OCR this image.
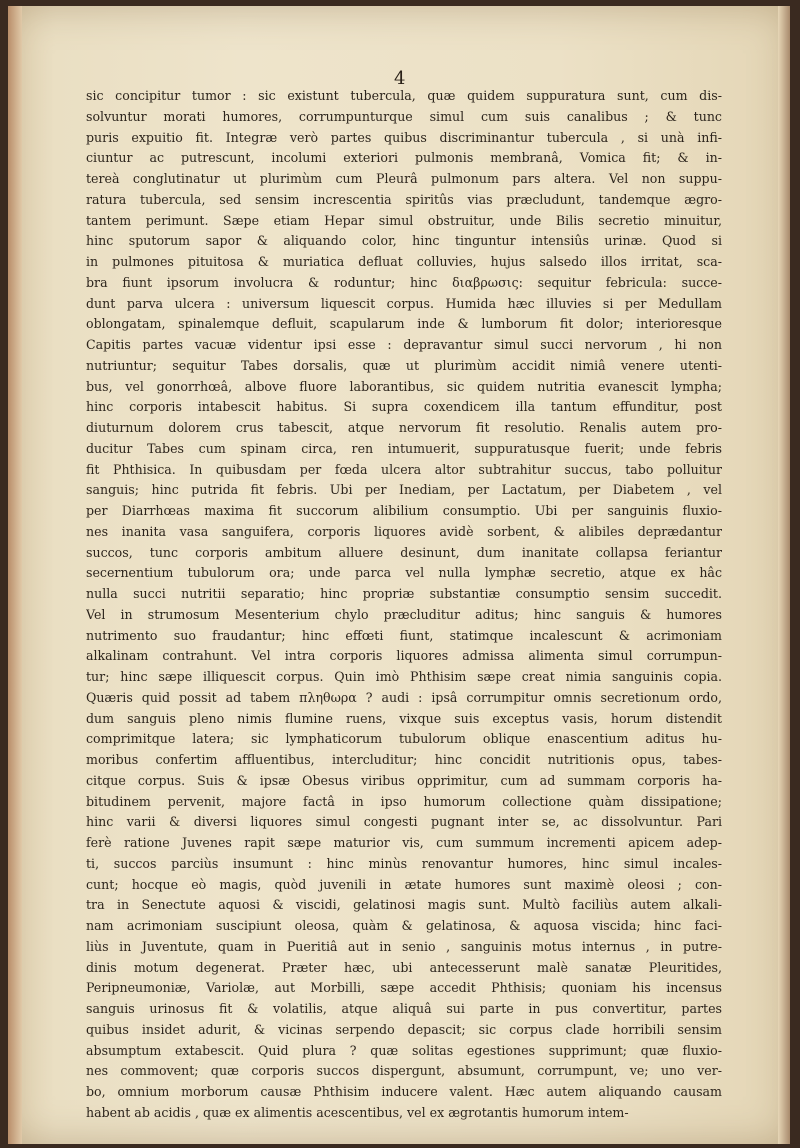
4
sic concipitur tumor : sic existunt tubercula, quæ quidem suppuratura sunt, cum dis-
solvuntur morati humores, corrumpunturque simul cum suis canalibus ; & tunc
puris expuitio fit. Integræ verò partes quibus discriminantur tubercula , si unà infi-
ciuntur ac putrescunt, incolumi exteriori pulmonis membranâ, Vomica fit; & in-
tereà conglutinatur ut plurimùm cum Pleurâ pulmonum pars altera. Vel non suppu-
ratura tubercula, sed sensim increscentia spiritûs vias præcludunt, tandemque ægro-
tantem perimunt. Sæpe etiam Hepar simul obstruitur, unde Bilis secretio minuitur,
hinc sputorum sapor & aliquando color, hinc tinguntur intensiûs urinæ. Quod si
in pulmones pituitosa & muriatica defluat colluvies, hujus salsedo illos irritat, sca-
bra fiunt ipsorum involucra & roduntur; hinc διαβρωσις: sequitur febricula: succe-
dunt parva ulcera : universum liquescit corpus. Humida hæc illuvies si per Medullam
oblongatam, spinalemque defluit, scapularum inde & lumborum fit dolor; interioresque
Capitis partes vacuæ videntur ipsi esse : depravantur simul succi nervorum , hi non
nutriuntur; sequitur Tabes dorsalis, quæ ut plurimùm accidit nimiâ venere utenti-
bus, vel gonorrhœâ, albove fluore laborantibus, sic quidem nutritia evanescit lympha;
hinc corporis intabescit habitus. Si supra coxendicem illa tantum effunditur, post
diuturnum dolorem crus tabescit, atque nervorum fit resolutio. Renalis autem pro-
ducitur Tabes cum spinam circa, ren intumuerit, suppuratusque fuerit; unde febris
fit Phthisica. In quibusdam per fœda ulcera altor subtrahitur succus, tabo polluitur
sanguis; hinc putrida fit febris. Ubi per Inediam, per Lactatum, per Diabetem , vel
per Diarrhœas maxima fit succorum alibilium consumptio. Ubi per sanguinis fluxio-
nes inanita vasa sanguifera, corporis liquores avidè sorbent, & alibiles deprædantur
succos, tunc corporis ambitum alluere desinunt, dum inanitate collapsa feriantur
secernentium tubulorum ora; unde parca vel nulla lymphæ secretio, atque ex hâc
nulla succi nutritii separatio; hinc propriæ substantiæ consumptio sensim succedit.
Vel in strumosum Mesenterium chylo præcluditur aditus; hinc sanguis & humores
nutrimento suo fraudantur; hinc effœti fiunt, statimque incalescunt & acrimoniam
alkalinam contrahunt. Vel intra corporis liquores admissa alimenta simul corrumpun-
tur; hinc sæpe illiquescit corpus. Quin imò Phthisim sæpe creat nimia sanguinis copia.
Quæris quid possit ad tabem πληθωρα ? audi : ipsâ corrumpitur omnis secretionum ordo,
dum sanguis pleno nimis flumine ruens, vixque suis exceptus vasis, horum distendit
comprimitque latera; sic lymphaticorum tubulorum oblique enascentium aditus hu-
moribus confertim affluentibus, intercluditur; hinc concidit nutritionis opus, tabes-
citque corpus. Suis & ipsæ Obesus viribus opprimitur, cum ad summam corporis ha-
bitudinem pervenit, majore factâ in ipso humorum collectione quàm dissipatione;
hinc varii & diversi liquores simul congesti pugnant inter se, ac dissolvuntur. Pari
ferè ratione Juvenes rapit sæpe maturior vis, cum summum incrementi apicem adep-
ti, succos parciùs insumunt : hinc minùs renovantur humores, hinc simul incales-
cunt; hocque eò magis, quòd juvenili in ætate humores sunt maximè oleosi ; con-
tra in Senectute aquosi & viscidi, gelatinosi magis sunt. Multò faciliùs autem alkali-
nam acrimoniam suscipiunt oleosa, quàm & gelatinosa, & aquosa viscida; hinc faci-
liùs in Juventute, quam in Pueritiâ aut in senio , sanguinis motus internus , in putre-
dinis motum degenerat. Præter hæc, ubi antecesserunt malè sanatæ Pleuritides,
Peripneumoniæ, Variolæ, aut Morbilli, sæpe accedit Phthisis; quoniam his incensus
sanguis urinosus fit & volatilis, atque aliquâ sui parte in pus convertitur, partes
quibus insidet adurit, & vicinas serpendo depascit; sic corpus clade horribili sensim
absumptum extabescit. Quid plura ? quæ solitas egestiones supprimunt; quæ fluxio-
nes commovent; quæ corporis succos dispergunt, absumunt, corrumpunt, ve; uno ver-
bo, omnium morborum causæ Phthisim inducere valent. Hæc autem aliquando causam
habent ab acidis , quæ ex alimentis acescentibus, vel ex ægrotantis humorum intem-
